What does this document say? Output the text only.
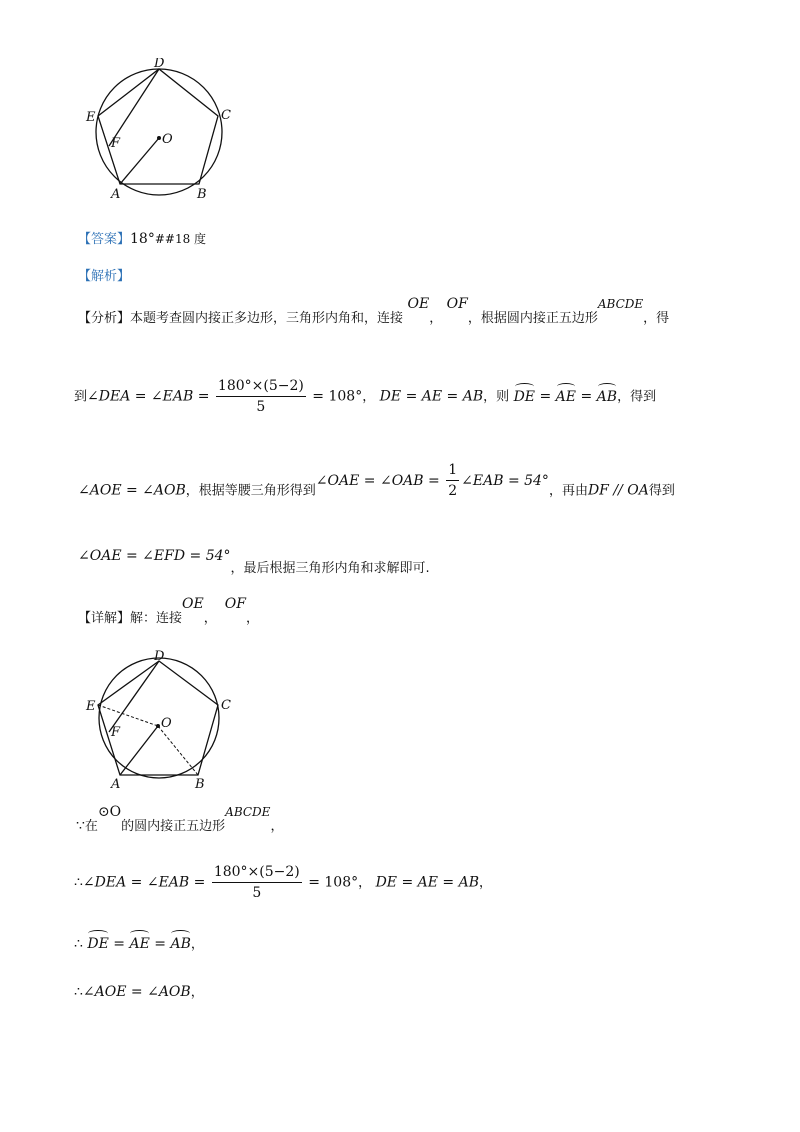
D
E	C
F	O
A	B
【答案】18°##18 度
【解析】
【分析】本题考查圆内接正多边形，三角形内角和，连接 OE， OF，根据圆内接正五边形ABCDE，得
到∠DEA = ∠EAB = $\frac{180^\circ\times(5-2)}{5} = 108^\circ$， DE = AE = AB，则 DE = AE = AB，得到
∠AOE = ∠AOB，根据等腰三角形得到∠OAE = ∠OAB = $\frac{1}{2}$ ∠EAB = 54°，再由DF // OA得到
∠OAE = ∠EFD = 54°，最后根据三角形内角和求解即可.
【详解】解：连接OE，OF，
D
E	C
F
O
A	B
∵在⊙O的圆内接正五边形ABCDE，
∴∠DEA = ∠EAB = $\frac{180^\circ\times(5-2)}{5} = 108^\circ$， DE = AE = AB，
∴ DE = AE = AB，
∴∠AOE = ∠AOB，
